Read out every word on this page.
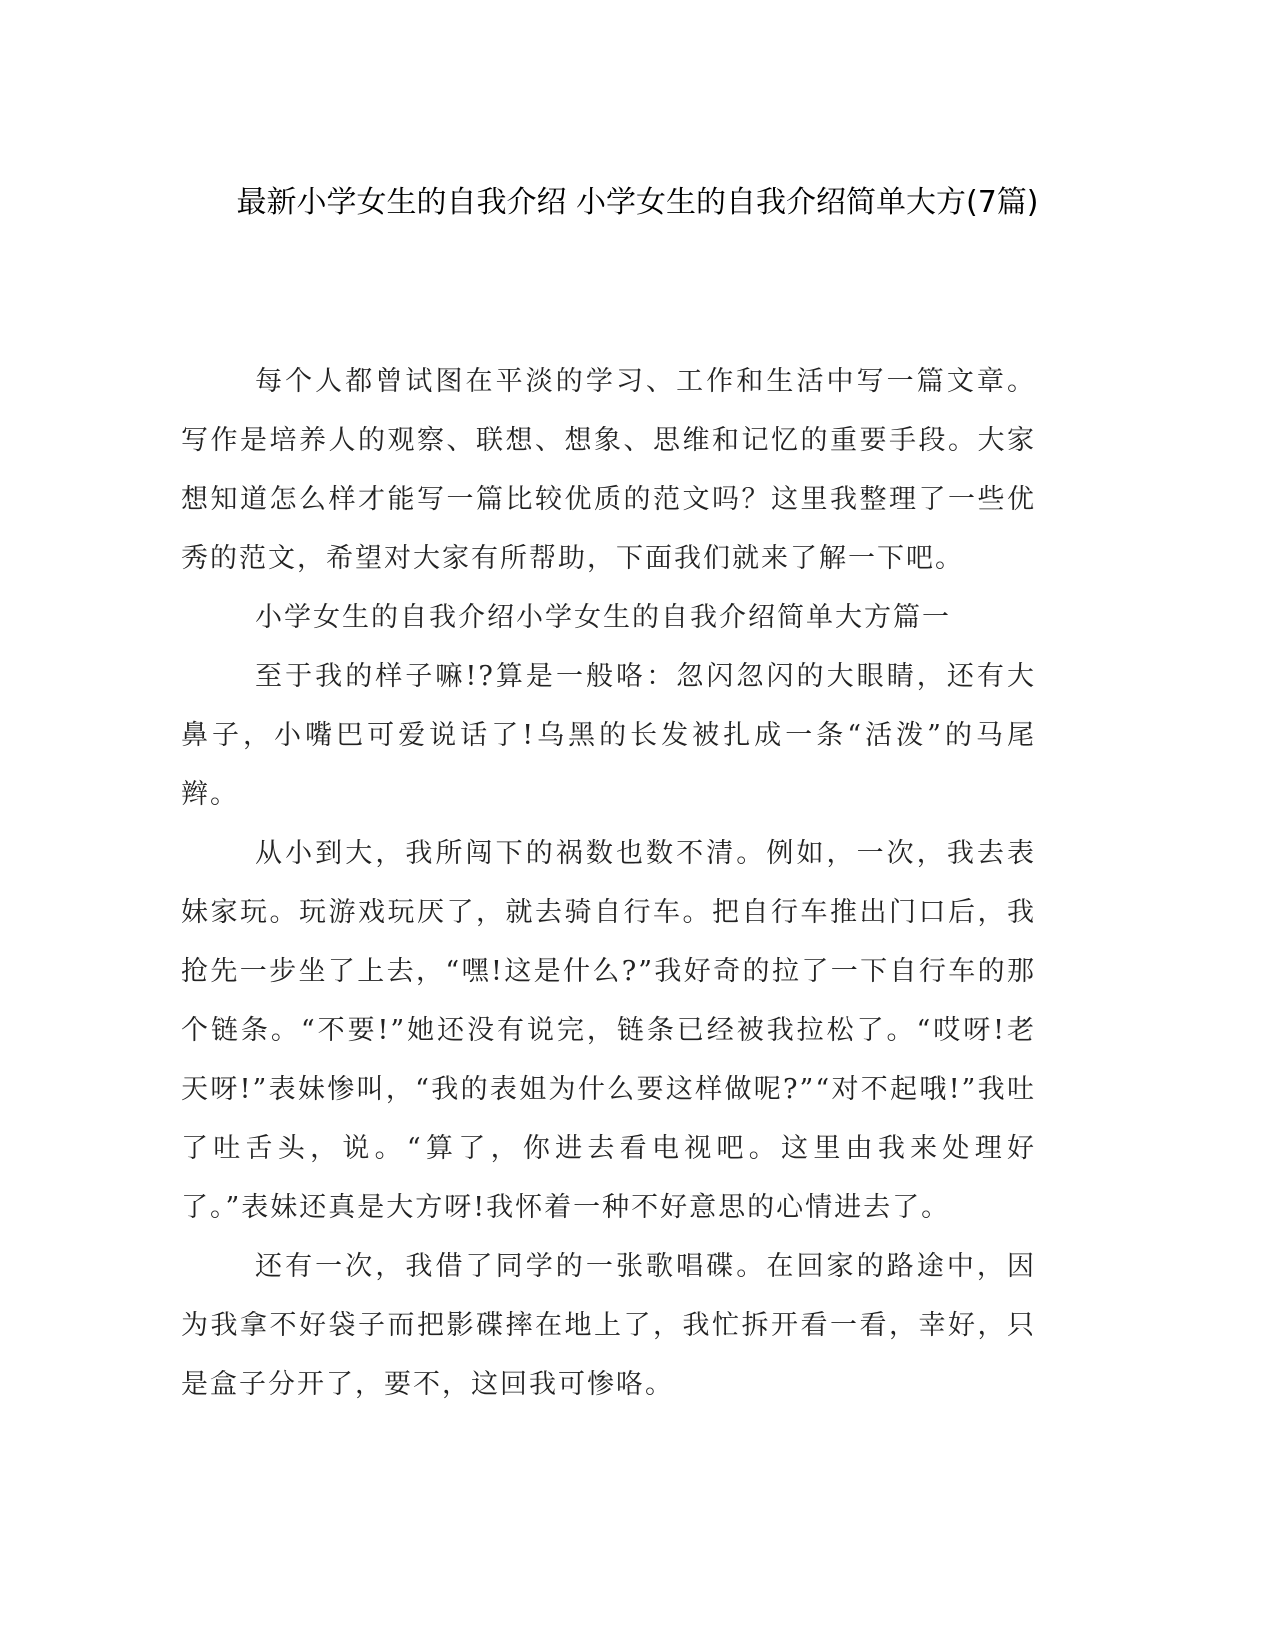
最新小学女生的自我介绍 小学女生的自我介绍简单大方(7篇)

每个人都曾试图在平淡的学习、工作和生活中写一篇文章。写作是培养人的观察、联想、想象、思维和记忆的重要手段。大家想知道怎么样才能写一篇比较优质的范文吗？这里我整理了一些优秀的范文，希望对大家有所帮助，下面我们就来了解一下吧。

小学女生的自我介绍小学女生的自我介绍简单大方篇一

至于我的样子嘛!?算是一般咯：忽闪忽闪的大眼睛，还有大鼻子，小嘴巴可爱说话了!乌黑的长发被扎成一条“活泼”的马尾辫。

从小到大，我所闯下的祸数也数不清。例如，一次，我去表妹家玩。玩游戏玩厌了，就去骑自行车。把自行车推出门口后，我抢先一步坐了上去，“嘿!这是什么?”我好奇的拉了一下自行车的那个链条。“不要!”她还没有说完，链条已经被我拉松了。“哎呀!老天呀!”表妹惨叫，“我的表姐为什么要这样做呢?”“对不起哦!”我吐了吐舌头，说。“算了，你进去看电视吧。这里由我来处理好了。”表妹还真是大方呀!我怀着一种不好意思的心情进去了。

还有一次，我借了同学的一张歌唱碟。在回家的路途中，因为我拿不好袋子而把影碟摔在地上了，我忙拆开看一看，幸好，只是盒子分开了，要不，这回我可惨咯。
